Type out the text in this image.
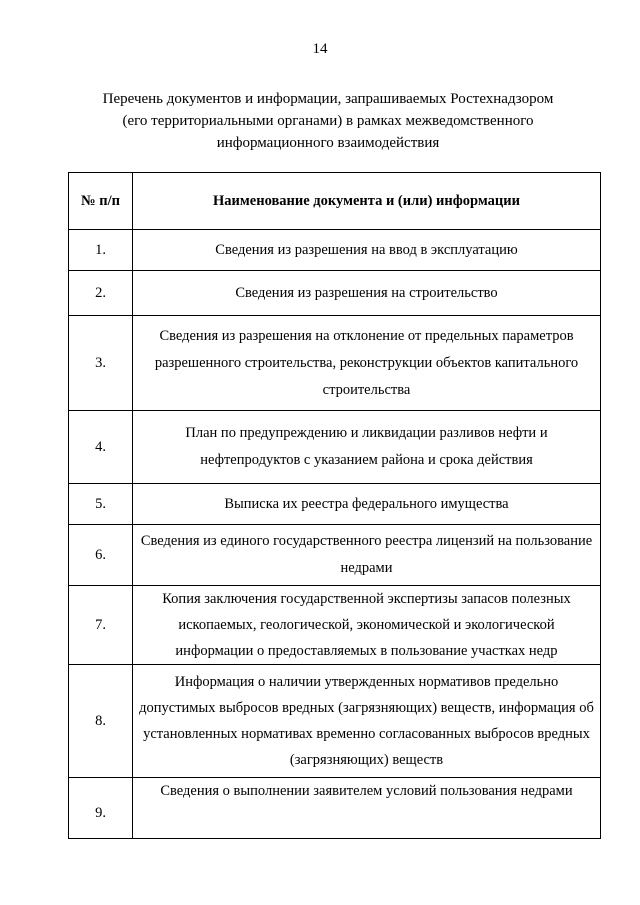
14
Перечень документов и информации, запрашиваемых Ростехнадзором
(его территориальными органами) в рамках межведомственного
информационного взаимодействия
№ п/п	Наименование документа и (или) информации
1.	Сведения из разрешения на ввод в эксплуатацию
2.	Сведения из разрешения на строительство
3.	Сведения из разрешения на отклонение от предельных параметров разрешенного строительства, реконструкции объектов капитального строительства
4.	План по предупреждению и ликвидации разливов нефти и нефтепродуктов с указанием района и срока действия
5.	Выписка их реестра федерального имущества
6.	Сведения из единого государственного реестра лицензий на пользование недрами
7.	Копия заключения государственной экспертизы запасов полезных ископаемых, геологической, экономической и экологической информации о предоставляемых в пользование участках недр
8.	Информация о наличии утвержденных нормативов предельно допустимых выбросов вредных (загрязняющих) веществ, информация об установленных нормативах временно согласованных выбросов вредных (загрязняющих) веществ
9.	Сведения о выполнении заявителем условий пользования недрами
